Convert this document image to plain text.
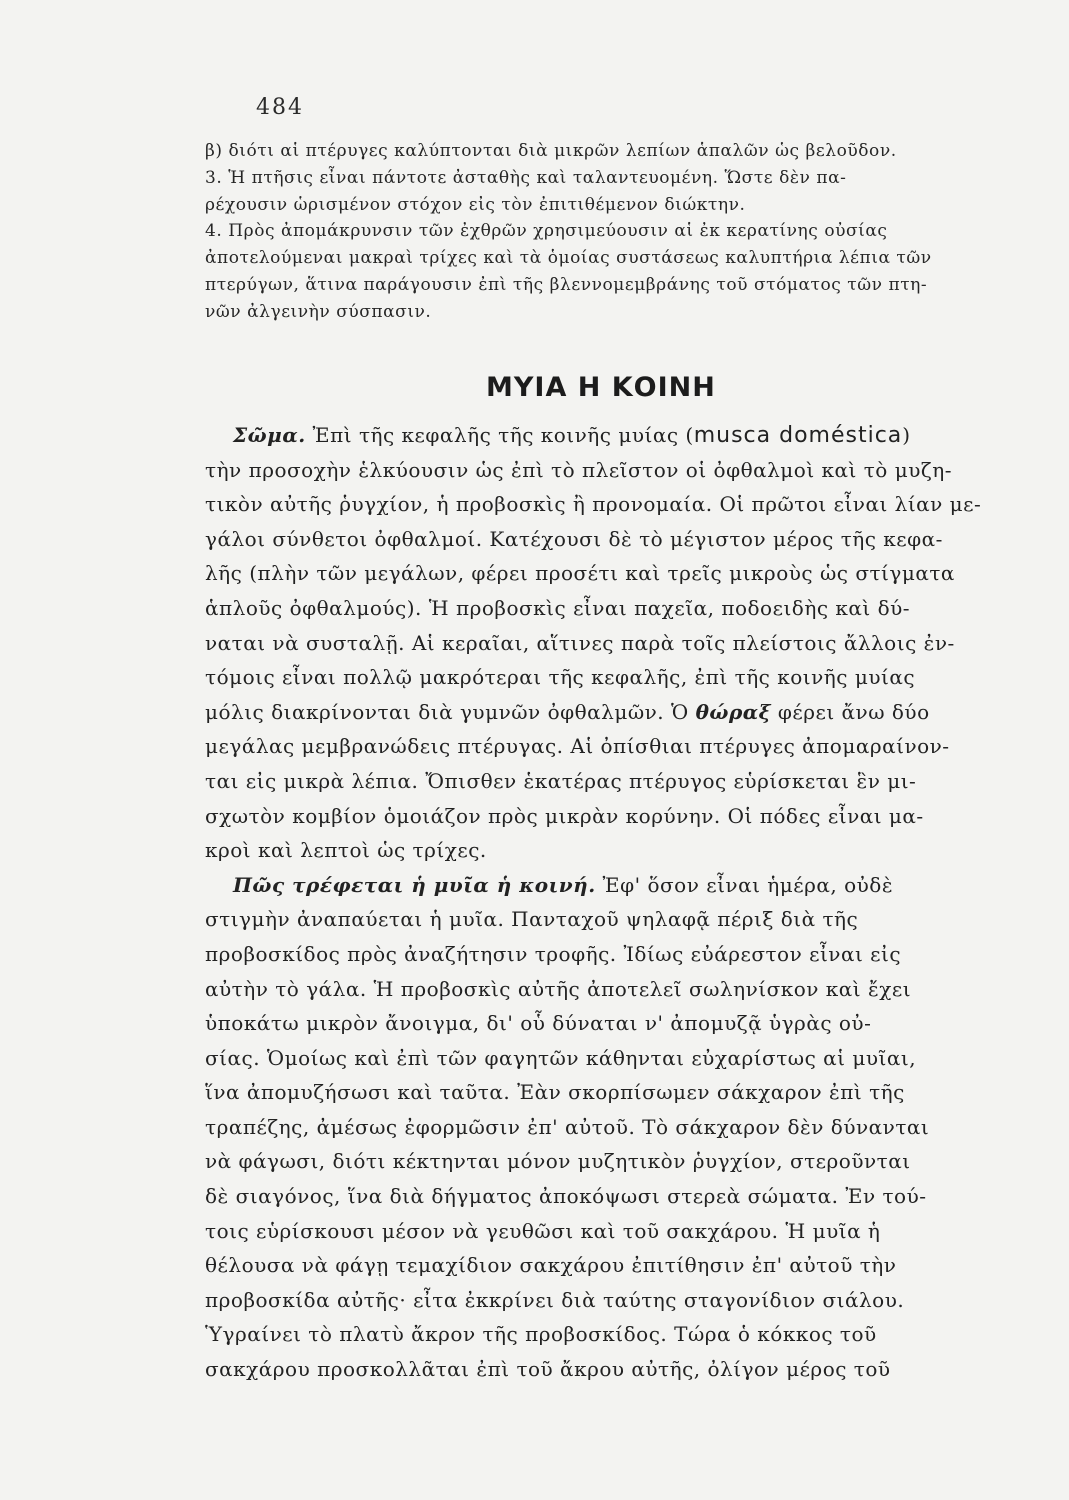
484
β) διότι αἱ πτέρυγες καλύπτονται διὰ μικρῶν λεπίων ἁπαλῶν ὡς βελοῦδον.
3. Ἡ πτῆσις εἶναι πάντοτε ἀσταθὴς καὶ ταλαντευομένη. Ὥστε δὲν πα-
ρέχουσιν ὡρισμένον στόχον εἰς τὸν ἐπιτιθέμενον διώκτην.
4. Πρὸς ἀπομάκρυνσιν τῶν ἐχθρῶν χρησιμεύουσιν αἱ ἐκ κερατίνης οὐσίας
ἀποτελούμεναι μακραὶ τρίχες καὶ τὰ ὁμοίας συστάσεως καλυπτήρια λέπια τῶν
πτερύγων, ἅτινα παράγουσιν ἐπὶ τῆς βλεννομεμβράνης τοῦ στόματος τῶν πτη-
νῶν ἀλγεινὴν σύσπασιν.
ΜΥΙΑ Η ΚΟΙΝΗ
Σῶμα. Ἐπὶ τῆς κεφαλῆς τῆς κοινῆς μυίας (musca doméstica)
τὴν προσοχὴν ἑλκύουσιν ὡς ἐπὶ τὸ πλεῖστον οἱ ὀφθαλμοὶ καὶ τὸ μυζη-
τικὸν αὐτῆς ῥυγχίον, ἡ προβοσκὶς ἢ προνομαία. Οἱ πρῶτοι εἶναι λίαν με-
γάλοι σύνθετοι ὀφθαλμοί. Κατέχουσι δὲ τὸ μέγιστον μέρος τῆς κεφα-
λῆς (πλὴν τῶν μεγάλων, φέρει προσέτι καὶ τρεῖς μικροὺς ὡς στίγματα
ἁπλοῦς ὀφθαλμούς). Ἡ προβοσκὶς εἶναι παχεῖα, ποδοειδὴς καὶ δύ-
ναται νὰ συσταλῇ. Αἱ κεραῖαι, αἵτινες παρὰ τοῖς πλείστοις ἄλλοις ἐν-
τόμοις εἶναι πολλῷ μακρότεραι τῆς κεφαλῆς, ἐπὶ τῆς κοινῆς μυίας
μόλις διακρίνονται διὰ γυμνῶν ὀφθαλμῶν. Ὁ θώραξ φέρει ἄνω δύο
μεγάλας μεμβρανώδεις πτέρυγας. Αἱ ὀπίσθιαι πτέρυγες ἀπομαραίνον-
ται εἰς μικρὰ λέπια. Ὄπισθεν ἑκατέρας πτέρυγος εὑρίσκεται ἓν μι-
σχωτὸν κομβίον ὁμοιάζον πρὸς μικρὰν κορύνην. Οἱ πόδες εἶναι μα-
κροὶ καὶ λεπτοὶ ὡς τρίχες.
Πῶς τρέφεται ἡ μυῖα ἡ κοινή. Ἐφ' ὅσον εἶναι ἡμέρα, οὐδὲ
στιγμὴν ἀναπαύεται ἡ μυῖα. Πανταχοῦ ψηλαφᾷ πέριξ διὰ τῆς
προβοσκίδος πρὸς ἀναζήτησιν τροφῆς. Ἰδίως εὐάρεστον εἶναι εἰς
αὐτὴν τὸ γάλα. Ἡ προβοσκὶς αὐτῆς ἀποτελεῖ σωληνίσκον καὶ ἔχει
ὑποκάτω μικρὸν ἄνοιγμα, δι' οὗ δύναται ν' ἀπομυζᾷ ὑγρὰς οὐ-
σίας. Ὁμοίως καὶ ἐπὶ τῶν φαγητῶν κάθηνται εὐχαρίστως αἱ μυῖαι,
ἵνα ἀπομυζήσωσι καὶ ταῦτα. Ἐὰν σκορπίσωμεν σάκχαρον ἐπὶ τῆς
τραπέζης, ἀμέσως ἐφορμῶσιν ἐπ' αὐτοῦ. Τὸ σάκχαρον δὲν δύνανται
νὰ φάγωσι, διότι κέκτηνται μόνον μυζητικὸν ῥυγχίον, στεροῦνται
δὲ σιαγόνος, ἵνα διὰ δήγματος ἀποκόψωσι στερεὰ σώματα. Ἐν τού-
τοις εὑρίσκουσι μέσον νὰ γευθῶσι καὶ τοῦ σακχάρου. Ἡ μυῖα ἡ
θέλουσα νὰ φάγῃ τεμαχίδιον σακχάρου ἐπιτίθησιν ἐπ' αὐτοῦ τὴν
προβοσκίδα αὐτῆς· εἶτα ἐκκρίνει διὰ ταύτης σταγονίδιον σιάλου.
Ὑγραίνει τὸ πλατὺ ἄκρον τῆς προβοσκίδος. Τώρα ὁ κόκκος τοῦ
σακχάρου προσκολλᾶται ἐπὶ τοῦ ἄκρου αὐτῆς, ὀλίγον μέρος τοῦ
